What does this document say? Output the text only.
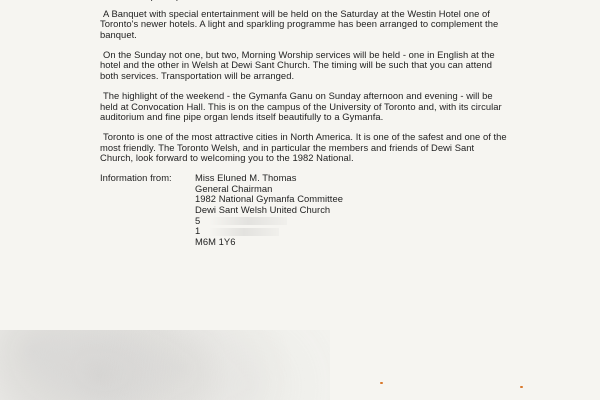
A Banquet with special entertainment will be held on the Saturday at the Westin Hotel one of Toronto's newer hotels. A light and sparkling programme has been arranged to complement the banquet.
On the Sunday not one, but two, Morning Worship services will be held - one in English at the hotel and the other in Welsh at Dewi Sant Church. The timing will be such that you can attend both services. Transportation will be arranged.
The highlight of the weekend - the Gymanfa Ganu on Sunday afternoon and evening - will be held at Convocation Hall. This is on the campus of the University of Toronto and, with its circular auditorium and fine pipe organ lends itself beautifully to a Gymanfa.
Toronto is one of the most attractive cities in North America. It is one of the safest and one of the most friendly. The Toronto Welsh, and in particular the members and friends of Dewi Sant Church, look forward to welcoming you to the 1982 National.
Information from:	Miss Eluned M. Thomas
General Chairman
1982 National Gymanfa Committee
Dewi Sant Welsh United Church
5
1
M6M 1Y6
